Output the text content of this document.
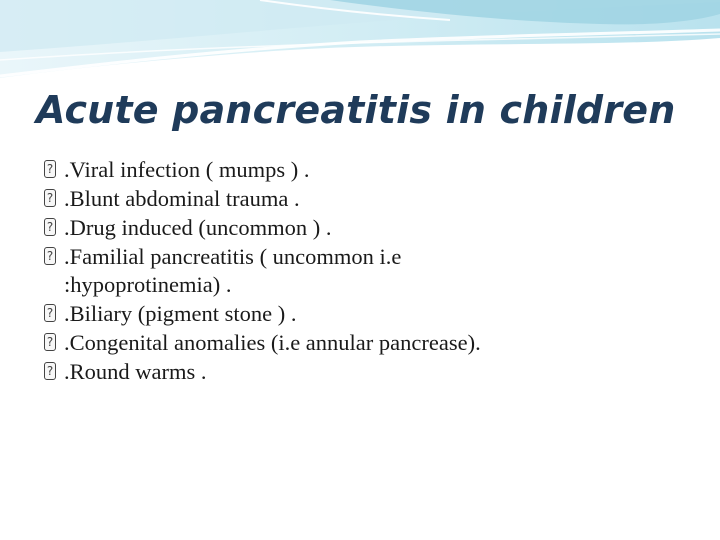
Acute pancreatitis in children
? .Viral infection ( mumps ) .
? .Blunt abdominal trauma .
? .Drug induced (uncommon ) .
? .Familial pancreatitis ( uncommon i.e
:hypoprotinemia) .
? .Biliary (pigment stone ) .
? .Congenital anomalies (i.e annular pancrease).
? .Round warms .
